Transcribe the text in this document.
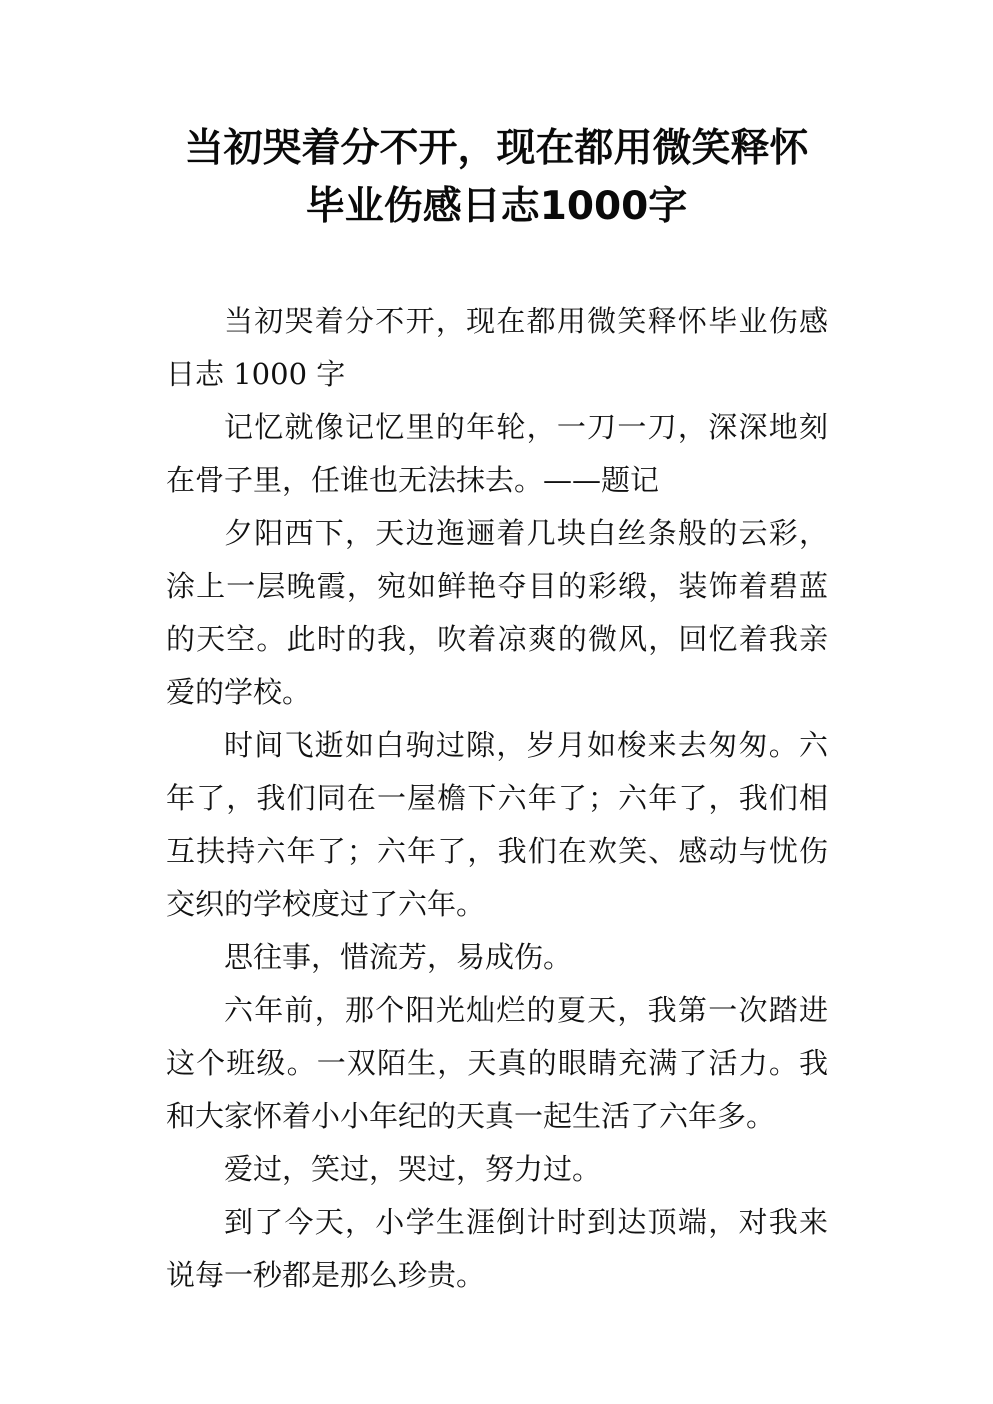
当初哭着分不开，现在都用微笑释怀
毕业伤感日志1000字

当初哭着分不开，现在都用微笑释怀毕业伤感日志 1000 字

记忆就像记忆里的年轮，一刀一刀，深深地刻在骨子里，任谁也无法抹去。——题记

夕阳西下，天边迤逦着几块白丝条般的云彩，涂上一层晚霞，宛如鲜艳夺目的彩缎，装饰着碧蓝的天空。此时的我，吹着凉爽的微风，回忆着我亲爱的学校。

时间飞逝如白驹过隙，岁月如梭来去匆匆。六年了，我们同在一屋檐下六年了；六年了，我们相互扶持六年了；六年了，我们在欢笑、感动与忧伤交织的学校度过了六年。

思往事，惜流芳，易成伤。

六年前，那个阳光灿烂的夏天，我第一次踏进这个班级。一双陌生，天真的眼睛充满了活力。我和大家怀着小小年纪的天真一起生活了六年多。

爱过，笑过，哭过，努力过。

到了今天，小学生涯倒计时到达顶端，对我来说每一秒都是那么珍贵。
